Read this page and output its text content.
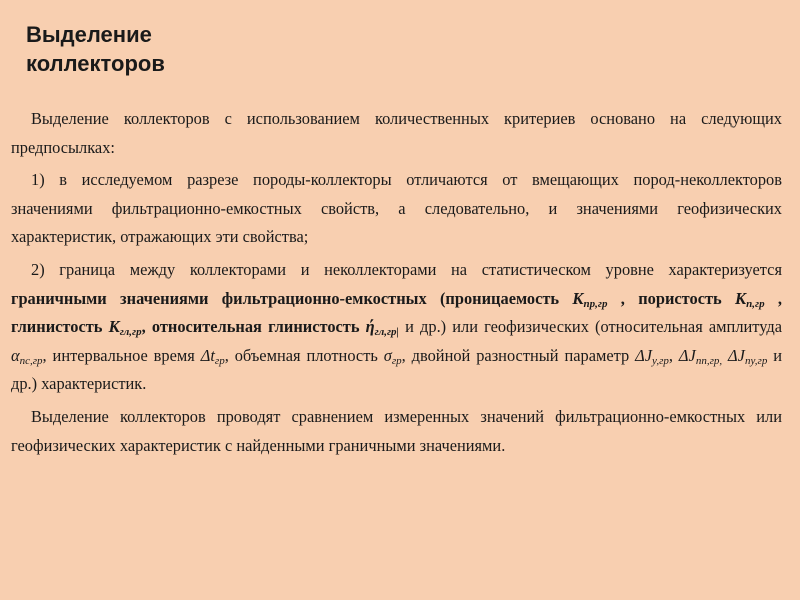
Выделение
коллекторов

Выделение коллекторов с использованием количественных критериев основано на следующих предпосылках:

1) в исследуемом разрезе породы-коллекторы отличаются от вмещающих пород-неколлекторов значениями фильтрационно-емкостных свойств, а следовательно, и значениями геофизических характеристик, отражающих эти свойства;

2) граница между коллекторами и неколлекторами на статистическом уровне характеризуется граничными значениями фильтрационно-емкостных (проницаемость $К_{пр,гр}$ , пористость $К_{п,гр}$ , глинистость $К_{гл,гр}$, относительная глинистость $ή_{гл,гр|}$ и др.) или геофизических (относительная амплитуда $\alpha_{пс,гр}$, интервальное время $\Delta t_{гр}$, объемная плотность $\sigma_{гр}$, двойной разностный параметр $\Delta J_{у,гр}$, $\Delta J_{пп,гр,}$ $\Delta J_{пу,гр}$ и др.) характеристик.

Выделение коллекторов проводят сравнением измеренных значений фильтрационно-емкостных или геофизических характеристик с найденными граничными значениями.
